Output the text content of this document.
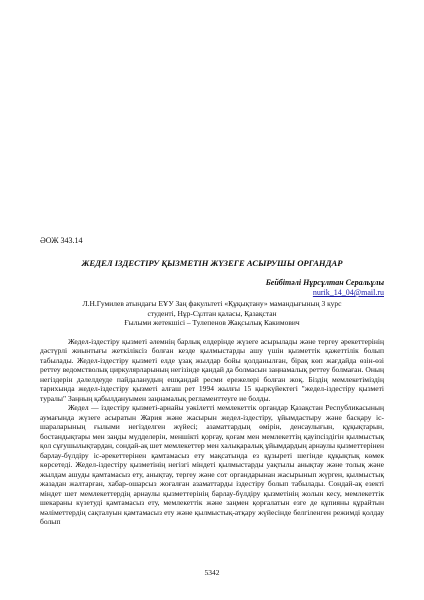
ӘОЖ 343.14
ЖЕДЕЛ ІЗДЕСТІРУ ҚЫЗМЕТІН ЖҮЗЕГЕ АСЫРУШЫ ОРГАНДАР
Бейбітәлі Нұрсұлтан Серальұлы
nurik_14_04@mail.ru
Л.Н.Гумилев атындағы ЕҰУ Заң факультеті «Құқықтану» мамандығының 3 курс
студенті, Нұр-Сұлтан қаласы, Қазақстан
Ғылыми жетекшісі – Тулепенов Жақсылық Какимович

Жедел-іздестіру қызметі әлемнің барлық елдерінде жүзеге асырылады және тергеу әрекеттерінің дәстүрлі жиынтығы жеткіліксіз болған кезде қылмыстарды ашу үшін қызметтік қажеттілік болып табылады. Жедел-іздестіру қызметі елде ұзақ жылдар бойы қолданылған, бірақ көп жағдайда өзін-өзі реттеу ведомстволық циркулярларының негізінде қандай да болмасын заңнамалық реттеу болмаған. Оның негіздерін дәлелдеуде пайдаланудың ешқандай ресми ережелері болған жоқ. Біздің мемлекетіміздің тарихында жедел-іздестіру қызметі алғаш рет 1994 жылғы 15 қыркүйектегі "жедел-іздестіру қызметі туралы" Заңның қабылдануымен заңнамалық регламенттеуге ие болды.

Жедел — іздестіру қызметі-арнайы уәкілетті мемлекеттік органдар Қазақстан Республикасының аумағында жүзеге асыратын Жария және жасырын жедел-іздестіру, ұйымдастыру және басқару іс-шараларының ғылыми негізделген жүйесі; азаматтардың өмірін, денсаулығын, құқықтарын, бостандықтары мен заңды мүдделерін, меншікті қорғау, қоғам мен мемлекеттің қауіпсіздігін қылмыстық қол сұғушылықтардан, сондай-ақ шет мемлекеттер мен халықаралық ұйымдардың арнаулы қызметтерінен барлау-бүлдіру іс-әрекеттерінен қамтамасыз ету мақсатында ез құзыреті шегінде құқықтық көмек көрсетеді. Жедел-іздестіру қызметінің негізгі міндеті қылмыстарды уақтылы анықтау және толық және жылдам ашуды қамтамасыз ету, анықтау, тергеу және сот органдарынан жасырынып жүрген, қылмыстық жазадан жалтарған, хабар-ошарсыз жоғалған азаматтарды іздестіру болып табылады. Сондай-ақ езекті міндет шет мемлекеттердің арнаулы қызметтерінің барлау-бүлдіру қызметінің жолын кесу, мемлекеттік шекараны күзетуді қамтамасыз ету, мемлекеттік және заңмен қорғалатын езге де құпияны құрайтын мәліметтердің сақталуын қамтамасыз ету және қылмыстық-атқару жүйесінде белгіленген режимді қолдау болып

5342
